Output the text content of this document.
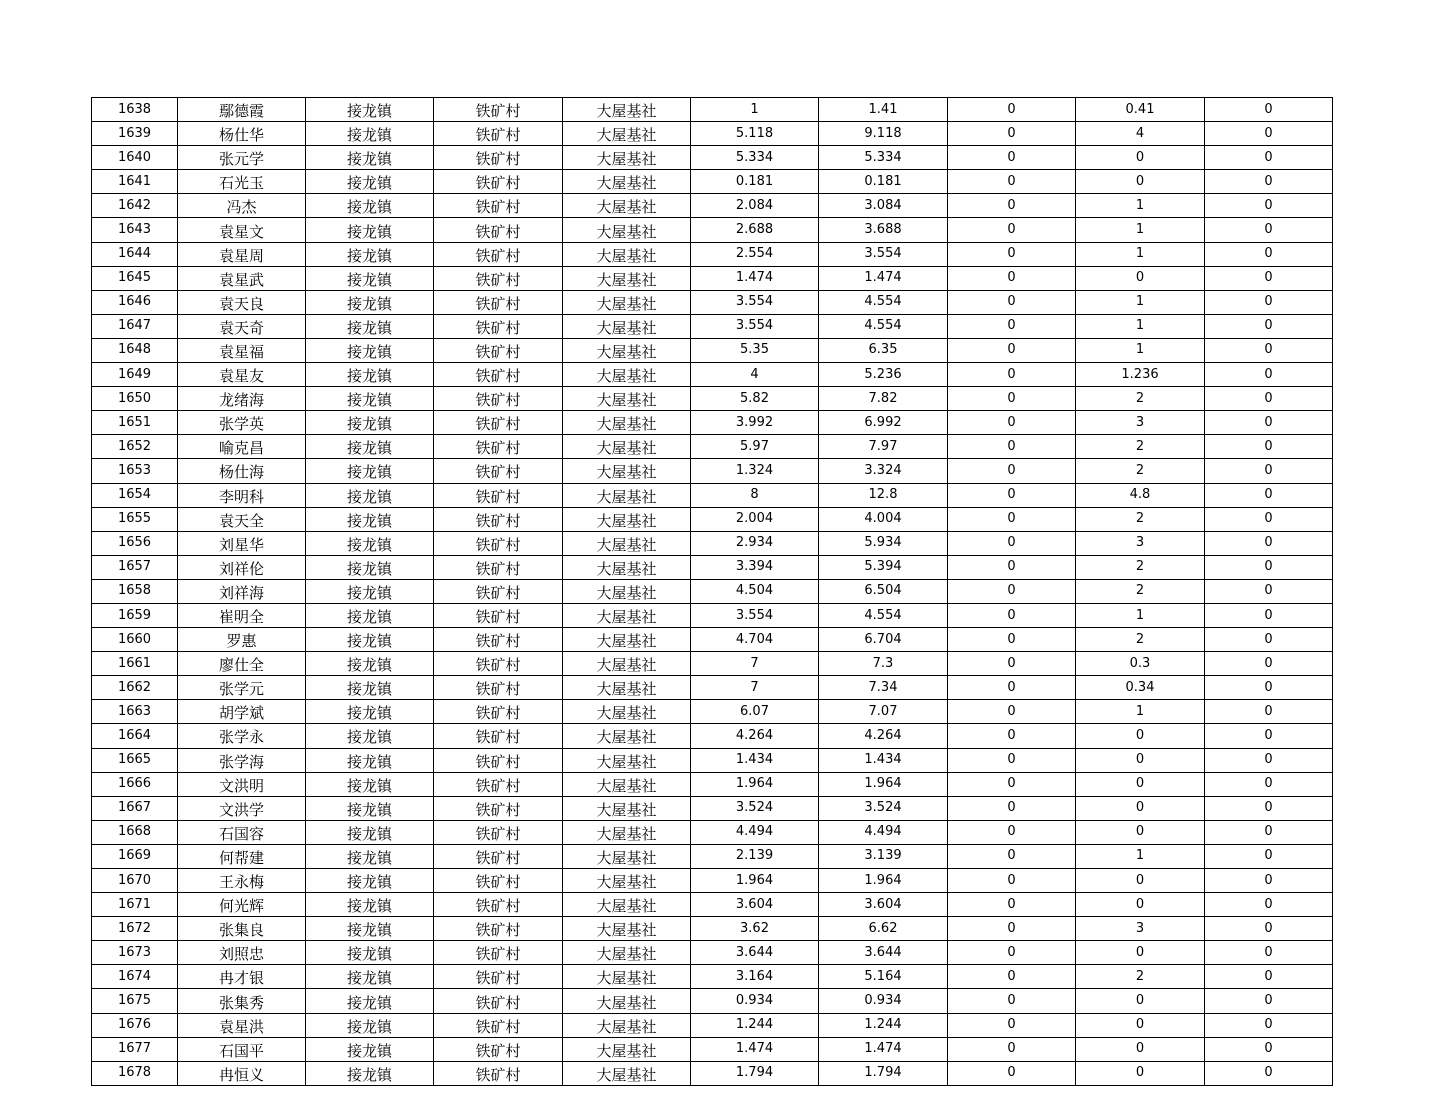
1638	鄢德霞	接龙镇	铁矿村	大屋基社	1	1.41	0	0.41	0
1639	杨仕华	接龙镇	铁矿村	大屋基社	5.118	9.118	0	4	0
1640	张元学	接龙镇	铁矿村	大屋基社	5.334	5.334	0	0	0
1641	石光玉	接龙镇	铁矿村	大屋基社	0.181	0.181	0	0	0
1642	冯杰	接龙镇	铁矿村	大屋基社	2.084	3.084	0	1	0
1643	袁星文	接龙镇	铁矿村	大屋基社	2.688	3.688	0	1	0
1644	袁星周	接龙镇	铁矿村	大屋基社	2.554	3.554	0	1	0
1645	袁星武	接龙镇	铁矿村	大屋基社	1.474	1.474	0	0	0
1646	袁天良	接龙镇	铁矿村	大屋基社	3.554	4.554	0	1	0
1647	袁天奇	接龙镇	铁矿村	大屋基社	3.554	4.554	0	1	0
1648	袁星福	接龙镇	铁矿村	大屋基社	5.35	6.35	0	1	0
1649	袁星友	接龙镇	铁矿村	大屋基社	4	5.236	0	1.236	0
1650	龙绪海	接龙镇	铁矿村	大屋基社	5.82	7.82	0	2	0
1651	张学英	接龙镇	铁矿村	大屋基社	3.992	6.992	0	3	0
1652	喻克昌	接龙镇	铁矿村	大屋基社	5.97	7.97	0	2	0
1653	杨仕海	接龙镇	铁矿村	大屋基社	1.324	3.324	0	2	0
1654	李明科	接龙镇	铁矿村	大屋基社	8	12.8	0	4.8	0
1655	袁天全	接龙镇	铁矿村	大屋基社	2.004	4.004	0	2	0
1656	刘星华	接龙镇	铁矿村	大屋基社	2.934	5.934	0	3	0
1657	刘祥伦	接龙镇	铁矿村	大屋基社	3.394	5.394	0	2	0
1658	刘祥海	接龙镇	铁矿村	大屋基社	4.504	6.504	0	2	0
1659	崔明全	接龙镇	铁矿村	大屋基社	3.554	4.554	0	1	0
1660	罗惠	接龙镇	铁矿村	大屋基社	4.704	6.704	0	2	0
1661	廖仕全	接龙镇	铁矿村	大屋基社	7	7.3	0	0.3	0
1662	张学元	接龙镇	铁矿村	大屋基社	7	7.34	0	0.34	0
1663	胡学斌	接龙镇	铁矿村	大屋基社	6.07	7.07	0	1	0
1664	张学永	接龙镇	铁矿村	大屋基社	4.264	4.264	0	0	0
1665	张学海	接龙镇	铁矿村	大屋基社	1.434	1.434	0	0	0
1666	文洪明	接龙镇	铁矿村	大屋基社	1.964	1.964	0	0	0
1667	文洪学	接龙镇	铁矿村	大屋基社	3.524	3.524	0	0	0
1668	石国容	接龙镇	铁矿村	大屋基社	4.494	4.494	0	0	0
1669	何帮建	接龙镇	铁矿村	大屋基社	2.139	3.139	0	1	0
1670	王永梅	接龙镇	铁矿村	大屋基社	1.964	1.964	0	0	0
1671	何光辉	接龙镇	铁矿村	大屋基社	3.604	3.604	0	0	0
1672	张集良	接龙镇	铁矿村	大屋基社	3.62	6.62	0	3	0
1673	刘照忠	接龙镇	铁矿村	大屋基社	3.644	3.644	0	0	0
1674	冉才银	接龙镇	铁矿村	大屋基社	3.164	5.164	0	2	0
1675	张集秀	接龙镇	铁矿村	大屋基社	0.934	0.934	0	0	0
1676	袁星洪	接龙镇	铁矿村	大屋基社	1.244	1.244	0	0	0
1677	石国平	接龙镇	铁矿村	大屋基社	1.474	1.474	0	0	0
1678	冉恒义	接龙镇	铁矿村	大屋基社	1.794	1.794	0	0	0
